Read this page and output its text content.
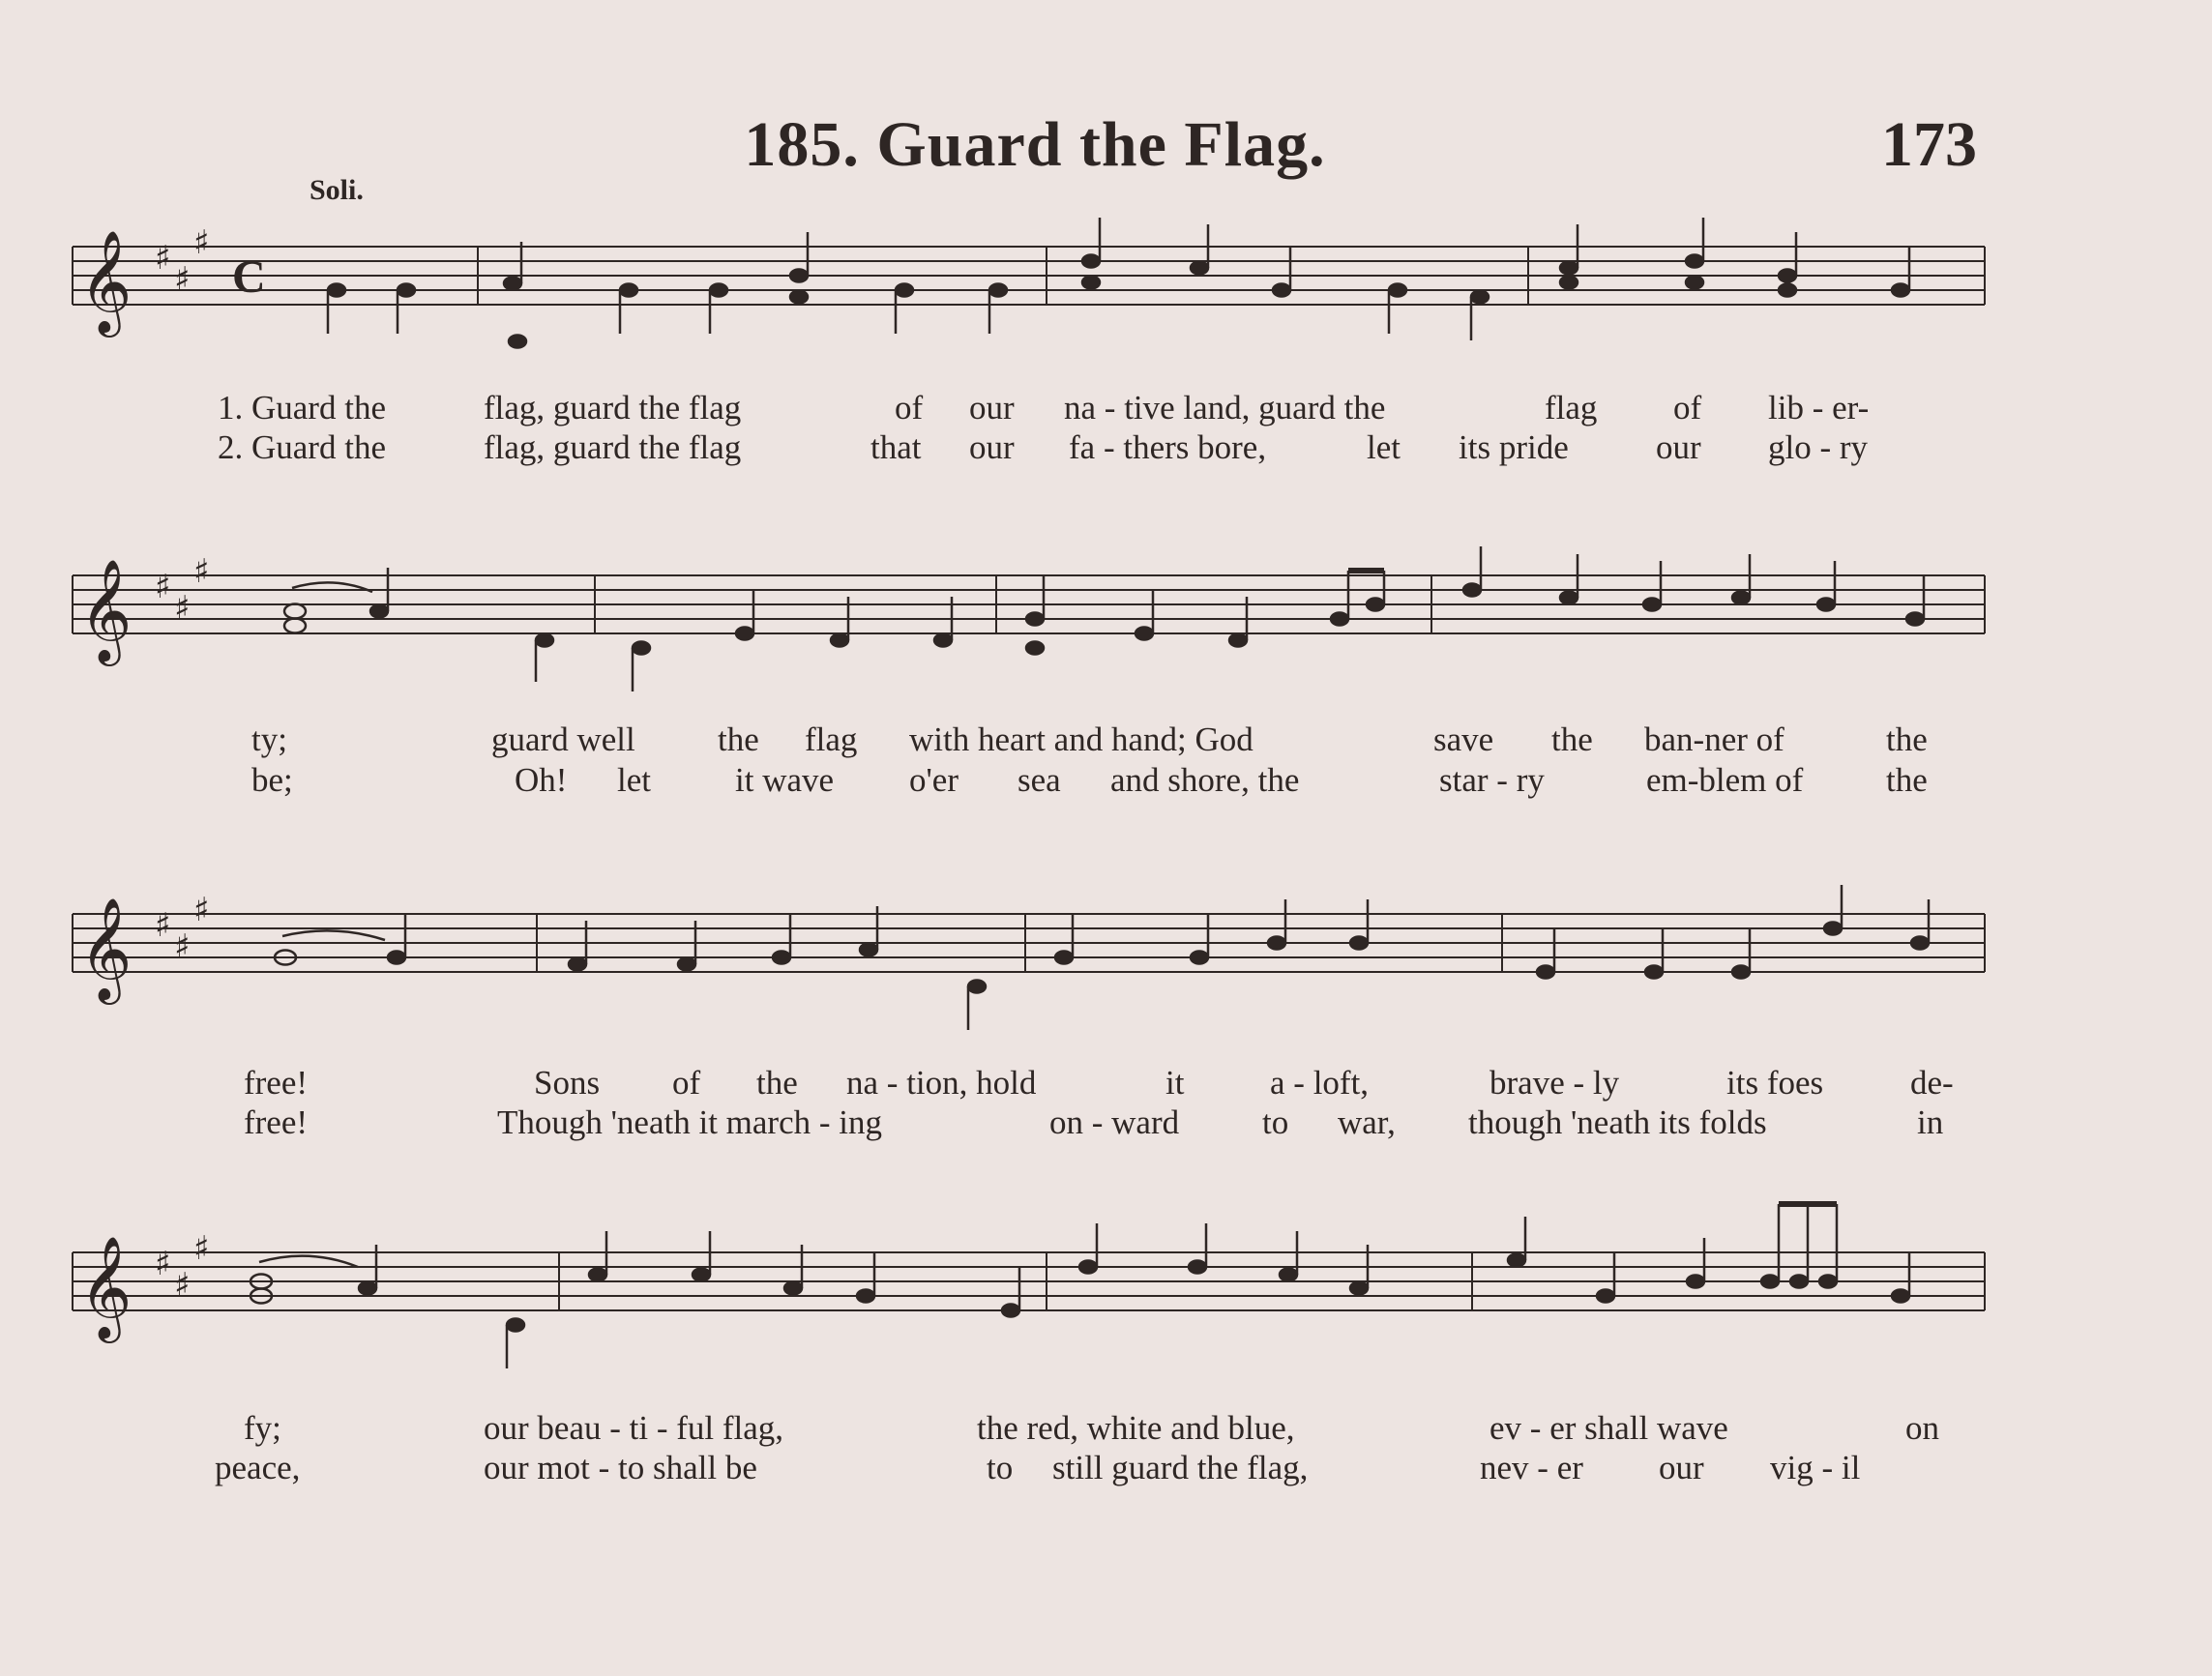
185. Guard the Flag.	173
Soli.
𝄞 ♯
♯
♯
C
1. Guard the	flag, guard the flag	of our na - tive land, guard the	flag of lib - er-
2. Guard the	flag, guard the flag	that our fa - thers bore,	let its pride	our glo - ry
𝄞 ♯
♯
♯
ty;	guard well the flag with heart and hand; God	save the ban-ner of	the
be;	Oh! let it wave o'er sea and shore, the	star - ry	em-blem of the
𝄞 ♯
♯
♯
free!	Sons of the na - tion, hold	it	a - loft,	brave - ly	its foes	de-
free!	Though 'neath it march - ing	on - ward to war, though 'neath its folds	in
𝄞 ♯
♯
♯
fy;	our beau - ti - ful flag,	the red, white and blue,	ev - er shall wave	on
peace,	our mot - to shall be	to still guard the flag,	nev - er our vig - il
